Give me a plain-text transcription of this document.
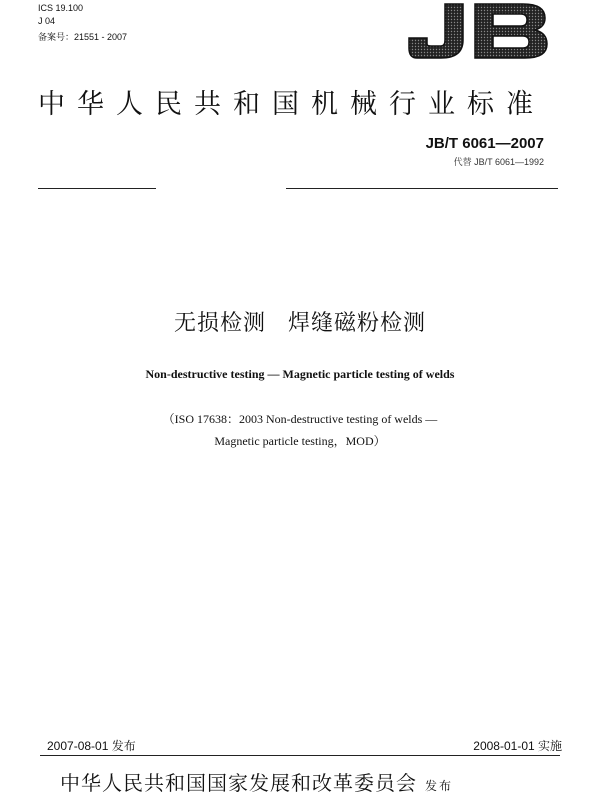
ICS 19.100
J 04
备案号：21551 - 2007
JB
中华人民共和国机械行业标准
JB/T 6061—2007
代替 JB/T 6061—1992
无损检测 焊缝磁粉检测
Non-destructive testing — Magnetic particle testing of welds
（ISO 17638：2003 Non-destructive testing of welds —
Magnetic particle testing，MOD）
2007-08-01 发布	2008-01-01 实施
中华人民共和国国家发展和改革委员会 发布
